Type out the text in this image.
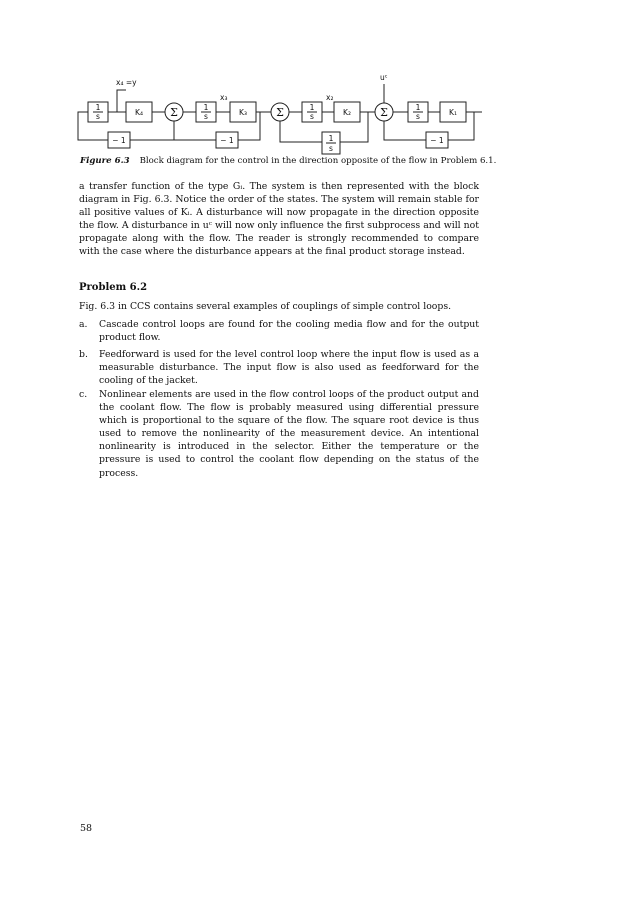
1
s	K₄ Σ	1
s	K₃	Σ	1
s	K₂	Σ	1
s	K₁
x₄ =y
x₃	x₂
uᶜ
− 1	− 1	1
s
− 1
Figure 6.3 Block diagram for the control in the direction opposite of the flow in Problem 6.1.
a transfer function of the type Gᵢ. The system is then represented with the block diagram in Fig. 6.3. Notice the order of the states. The system will remain stable for all positive values of Kᵢ. A disturbance will now propagate in the direction opposite the flow. A disturbance in uᶜ will now only influence the first subprocess and will not propagate along with the flow. The reader is strongly recommended to compare with the case where the disturbance appears at the final product storage instead.
Problem 6.2
Fig. 6.3 in CCS contains several examples of couplings of simple control loops.
a.	Cascade control loops are found for the cooling media flow and for the output product flow.
b.	Feedforward is used for the level control loop where the input flow is used as a measurable disturbance. The input flow is also used as feedforward for the cooling of the jacket.
c.	Nonlinear elements are used in the flow control loops of the product output and the coolant flow. The flow is probably measured using differential pressure which is proportional to the square of the flow. The square root device is thus used to remove the nonlinearity of the measurement device. An intentional nonlinearity is introduced in the selector. Either the temperature or the pressure is used to control the coolant flow depending on the status of the process.
58
